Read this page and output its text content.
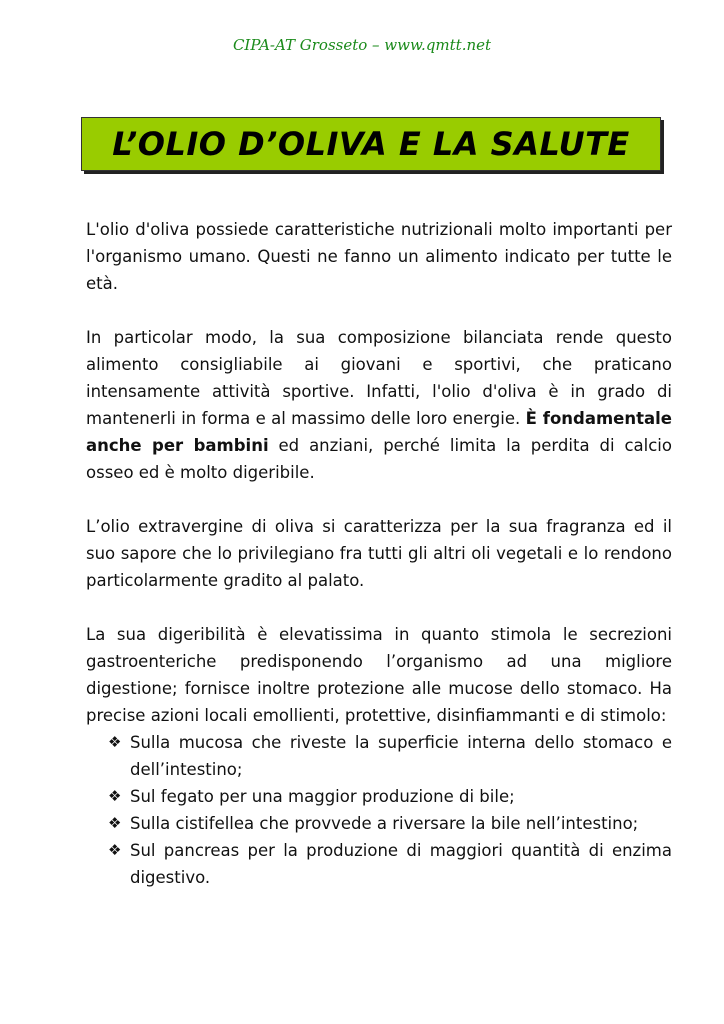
CIPA-AT Grosseto – www.qmtt.net
L’OLIO D’OLIVA E LA SALUTE

L'olio d'oliva possiede caratteristiche nutrizionali molto importanti per l'organismo umano. Questi ne fanno un alimento indicato per tutte le età.

In particolar modo, la sua composizione bilanciata rende questo alimento consigliabile ai giovani e sportivi, che praticano intensamente attività sportive. Infatti, l'olio d'oliva è in grado di mantenerli in forma e al massimo delle loro energie. È fondamentale anche per bambini ed anziani, perché limita la perdita di calcio osseo ed è molto digeribile.

L’olio extravergine di oliva si caratterizza per la sua fragranza ed il suo sapore che lo privilegiano fra tutti gli altri oli vegetali e lo rendono particolarmente gradito al palato.

La sua digeribilità è elevatissima in quanto stimola le secrezioni gastroenteriche predisponendo l’organismo ad una migliore digestione; fornisce inoltre protezione alle mucose dello stomaco. Ha precise azioni locali emollienti, protettive, disinfiammanti e di stimolo:

❖ Sulla mucosa che riveste la superficie interna dello stomaco e dell’intestino;
❖ Sul fegato per una maggior produzione di bile;
❖ Sulla cistifellea che provvede a riversare la bile nell’intestino;
❖ Sul pancreas per la produzione di maggiori quantità di enzima digestivo.
